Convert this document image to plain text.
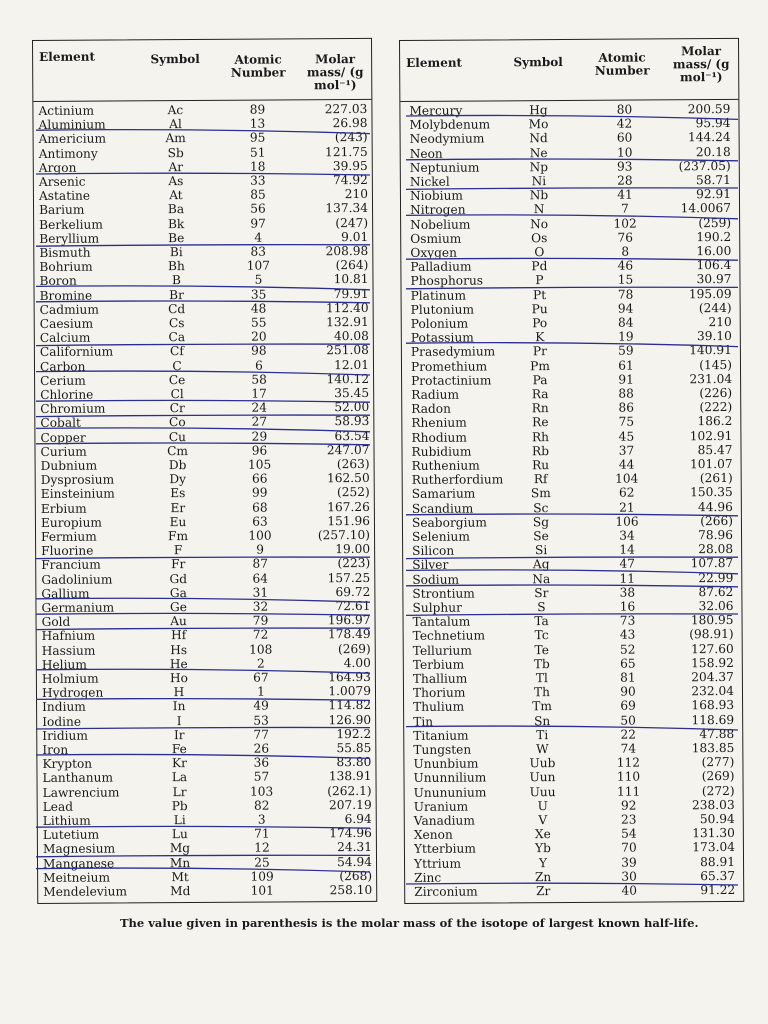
Element	Symbol	Atomic Number
Molar mass/ (g mol⁻¹)
Actinium	Ac	89	227.03
Aluminium	Al	13	26.98
Americium	Am	95	(243)
Antimony	Sb	51	121.75
Argon	Ar	18	39.95
Arsenic	As	33	74.92
Astatine	At	85	210
Barium	Ba	56	137.34
Berkelium	Bk	97	(247)
Beryllium	Be	4	9.01
Bismuth	Bi	83	208.98
Bohrium	Bh	107	(264)
Boron	B	5	10.81
Bromine	Br	35	79.91
Cadmium	Cd	48	112.40
Caesium	Cs	55	132.91
Calcium	Ca	20	40.08
Californium	Cf	98	251.08
Carbon	C	6	12.01
Cerium	Ce	58	140.12
Chlorine	Cl	17	35.45
Chromium	Cr	24	52.00
Cobalt	Co	27	58.93
Copper	Cu	29	63.54
Curium	Cm	96	247.07
Dubnium	Db	105	(263)
Dysprosium	Dy	66	162.50
Einsteinium	Es	99	(252)
Erbium	Er	68	167.26
Europium	Eu	63	151.96
Fermium	Fm	100	(257.10)
Fluorine	F	9	19.00
Francium	Fr	87	(223)
Gadolinium	Gd	64	157.25
Gallium	Ga	31	69.72
Germanium	Ge	32	72.61
Gold	Au	79	196.97
Hafnium	Hf	72	178.49
Hassium	Hs	108	(269)
Helium	He	2	4.00
Holmium	Ho	67	164.93
Hydrogen	H	1	1.0079
Indium	In	49	114.82
Iodine	I	53	126.90
Iridium	Ir	77	192.2
Iron	Fe	26	55.85
Krypton	Kr	36	83.80
Lanthanum	La	57	138.91
Lawrencium	Lr	103	(262.1)
Lead	Pb	82	207.19
Lithium	Li	3	6.94
Lutetium	Lu	71	174.96
Magnesium	Mg	12	24.31
Manganese	Mn	25	54.94
Meitneium	Mt	109	(268)
Mendelevium	Md	101	258.10
Element	Symbol	Atomic Number
Molar mass/ (g mol⁻¹)
Mercury	Hg	80	200.59
Molybdenum	Mo	42	95.94
Neodymium	Nd	60	144.24
Neon	Ne	10	20.18
Neptunium	Np	93	(237.05)
Nickel	Ni	28	58.71
Niobium	Nb	41	92.91
Nitrogen	N	7	14.0067
Nobelium	No	102	(259)
Osmium	Os	76	190.2
Oxygen	O	8	16.00
Palladium	Pd	46	106.4
Phosphorus	P	15	30.97
Platinum	Pt	78	195.09
Plutonium	Pu	94	(244)
Polonium	Po	84	210
Potassium	K	19	39.10
Prasedymium	Pr	59	140.91
Promethium	Pm	61	(145)
Protactinium	Pa	91	231.04
Radium	Ra	88	(226)
Radon	Rn	86	(222)
Rhenium	Re	75	186.2
Rhodium	Rh	45	102.91
Rubidium	Rb	37	85.47
Ruthenium	Ru	44	101.07
Rutherfordium	Rf	104	(261)
Samarium	Sm	62	150.35
Scandium	Sc	21	44.96
Seaborgium	Sg	106	(266)
Selenium	Se	34	78.96
Silicon	Si	14	28.08
Silver	Ag	47	107.87
Sodium	Na	11	22.99
Strontium	Sr	38	87.62
Sulphur	S	16	32.06
Tantalum	Ta	73	180.95
Technetium	Tc	43	(98.91)
Tellurium	Te	52	127.60
Terbium	Tb	65	158.92
Thallium	Tl	81	204.37
Thorium	Th	90	232.04
Thulium	Tm	69	168.93
Tin	Sn	50	118.69
Titanium	Ti	22	47.88
Tungsten	W	74	183.85
Ununbium	Uub	112	(277)
Ununnilium	Uun	110	(269)
Unununium	Uuu	111	(272)
Uranium	U	92	238.03
Vanadium	V	23	50.94
Xenon	Xe	54	131.30
Ytterbium	Yb	70	173.04
Yttrium	Y	39	88.91
Zinc	Zn	30	65.37
Zirconium	Zr	40	91.22
The value given in parenthesis is the molar mass of the isotope of largest known half-life.
